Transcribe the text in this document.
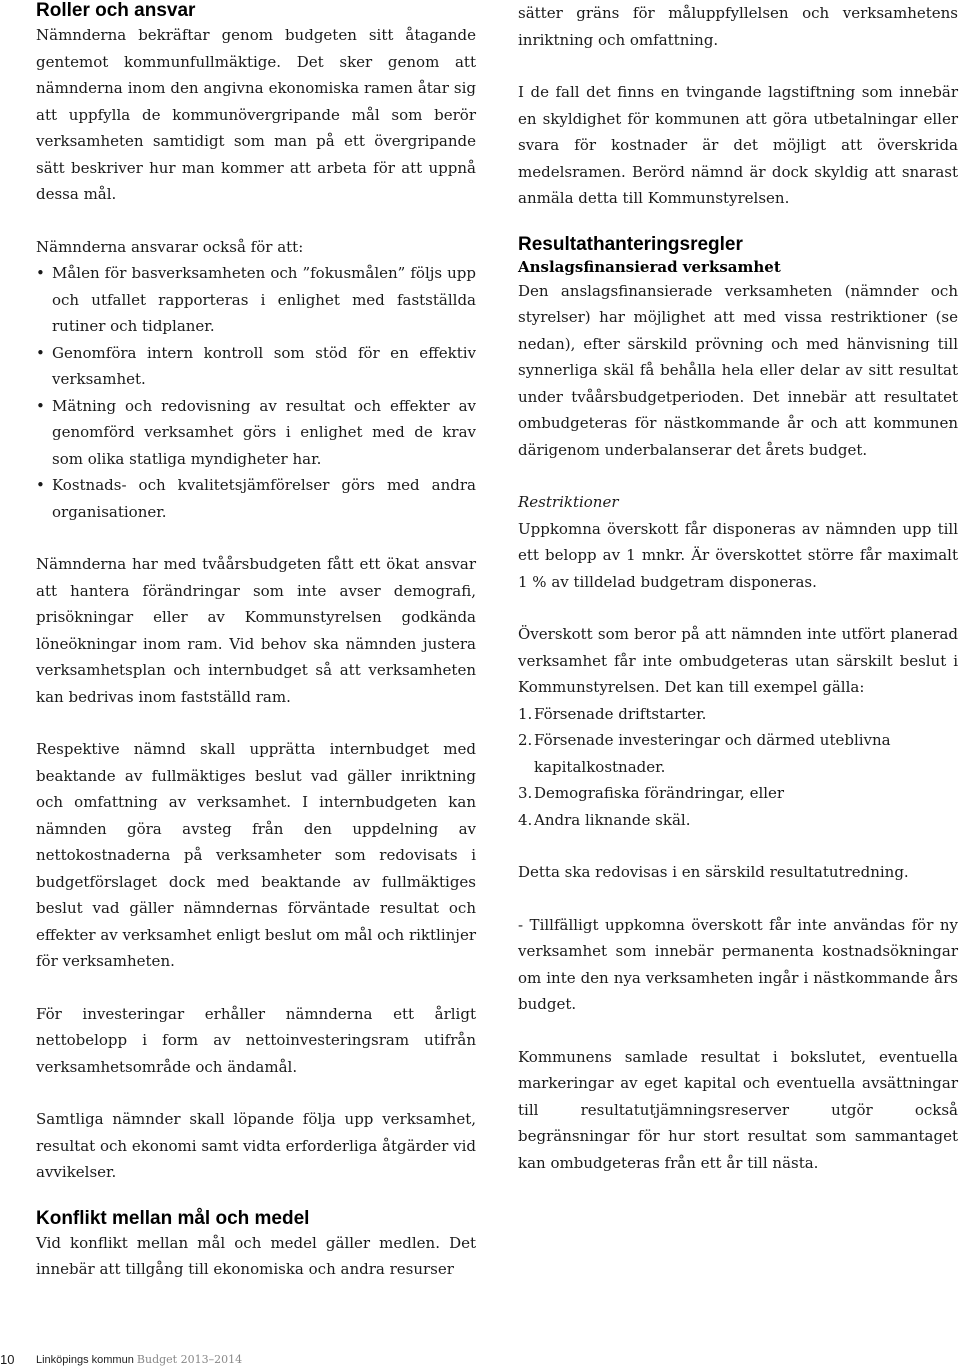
Roller och ansvar

Nämnderna bekräftar genom budgeten sitt åtagande gentemot kommunfullmäktige. Det sker genom att nämnderna inom den angivna ekonomiska ramen åtar sig att uppfylla de kommunövergripande mål som berör verksamheten samtidigt som man på ett övergripande sätt beskriver hur man kommer att arbeta för att uppnå dessa mål.

Nämnderna ansvarar också för att:

• Målen för basverksamheten och ”fokusmålen” följs upp och utfallet rapporteras i enlighet med fastställda rutiner och tidplaner.
• Genomföra intern kontroll som stöd för en effektiv verksamhet.
• Mätning och redovisning av resultat och effekter av genomförd verksamhet görs i enlighet med de krav som olika statliga myndigheter har.
• Kostnads- och kvalitetsjämförelser görs med andra organisationer.

Nämnderna har med tvåårsbudgeten fått ett ökat ansvar att hantera förändringar som inte avser demografi, prisökningar eller av Kommunstyrelsen godkända löneökningar inom ram. Vid behov ska nämnden justera verksamhetsplan och internbudget så att verksamheten kan bedrivas inom fastställd ram.

Respektive nämnd skall upprätta internbudget med beaktande av fullmäktiges beslut vad gäller inriktning och omfattning av verksamhet. I internbudgeten kan nämnden göra avsteg från den uppdelning av nettokostnaderna på verksamheter som redovisats i budgetförslaget dock med beaktande av fullmäktiges beslut vad gäller nämndernas förväntade resultat och effekter av verksamhet enligt beslut om mål och riktlinjer för verksamheten.

För investeringar erhåller nämnderna ett årligt nettobelopp i form av nettoinvesteringsram utifrån verksamhetsområde och ändamål.

Samtliga nämnder skall löpande följa upp verksamhet, resultat och ekonomi samt vidta erforderliga åtgärder vid avvikelser.

Konflikt mellan mål och medel

Vid konflikt mellan mål och medel gäller medlen. Det innebär att tillgång till ekonomiska och andra resurser

sätter gräns för måluppfyllelsen och verksamhetens inriktning och omfattning.

I de fall det finns en tvingande lagstiftning som innebär en skyldighet för kommunen att göra utbetalningar eller svara för kostnader är det möjligt att överskrida medelsramen. Berörd nämnd är dock skyldig att snarast anmäla detta till Kommunstyrelsen.

Resultathanteringsregler
Anslagsfinansierad verksamhet

Den anslagsfinansierade verksamheten (nämnder och styrelser) har möjlighet att med vissa restriktioner (se nedan), efter särskild prövning och med hänvisning till synnerliga skäl få behålla hela eller delar av sitt resultat under tvåårsbudgetperioden. Det innebär att resultatet ombudgeteras för nästkommande år och att kommunen därigenom underbalanserar det årets budget.

Restriktioner

Uppkomna överskott får disponeras av nämnden upp till ett belopp av 1 mnkr. Är överskottet större får maximalt 1 % av tilldelad budgetram disponeras.

Överskott som beror på att nämnden inte utfört planerad verksamhet får inte ombudgeteras utan särskilt beslut i Kommunstyrelsen. Det kan till exempel gälla:

1. Försenade driftstarter.
2. Försenade investeringar och därmed uteblivna kapitalkostnader.
3. Demografiska förändringar, eller
4. Andra liknande skäl.

Detta ska redovisas i en särskild resultatutredning.

- Tillfälligt uppkomna överskott får inte användas för ny verksamhet som innebär permanenta kostnadsökningar om inte den nya verksamheten ingår i nästkommande års budget.

Kommunens samlade resultat i bokslutet, eventuella markeringar av eget kapital och eventuella avsättningar till resultatutjämningsreserver utgör också begränsningar för hur stort resultat som sammantaget kan ombudgeteras från ett år till nästa.

10 Linköpings kommun Budget 2013–2014
